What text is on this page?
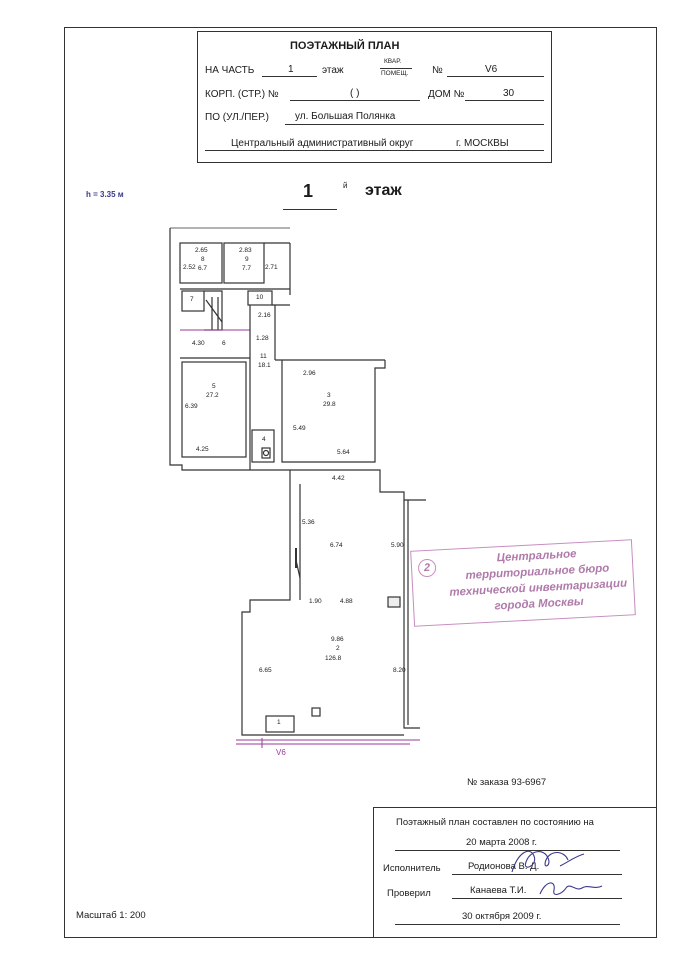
ПОЭТАЖНЫЙ ПЛАН
НА ЧАСТЬ	1	этаж
КВАР.
ПОМЕЩ. №	V6
КОРП. (СТР.) №	( )	ДОМ №	30
ПО (УЛ./ПЕР.)	ул. Большая Полянка
Центральный административный округ	г. МОСКВЫ
h = 3.35 м	1	й этаж
2.65
8
6.7
2.52
2.83
9
7.7 2.71
7	10
2.16
4.30	6
1.28
11
18.1
5
27.2
6.39
4.25
4
2.96
3
29.8
5.49
5.64
4.42
5.36
6.74	5.90
1.90	4.88
9.86
2
126.8
6.65	8.20
1
V6
2
Центральное
территориальное бюро
технической инвентаризации
города Москвы
№ заказа 93-6967
Поэтажный план составлен по состоянию на
20 марта 2008 г.
Исполнитель	Родионова В. Д.
Проверил	Канаева Т.И.
30 октября 2009 г.
Масштаб 1: 200
